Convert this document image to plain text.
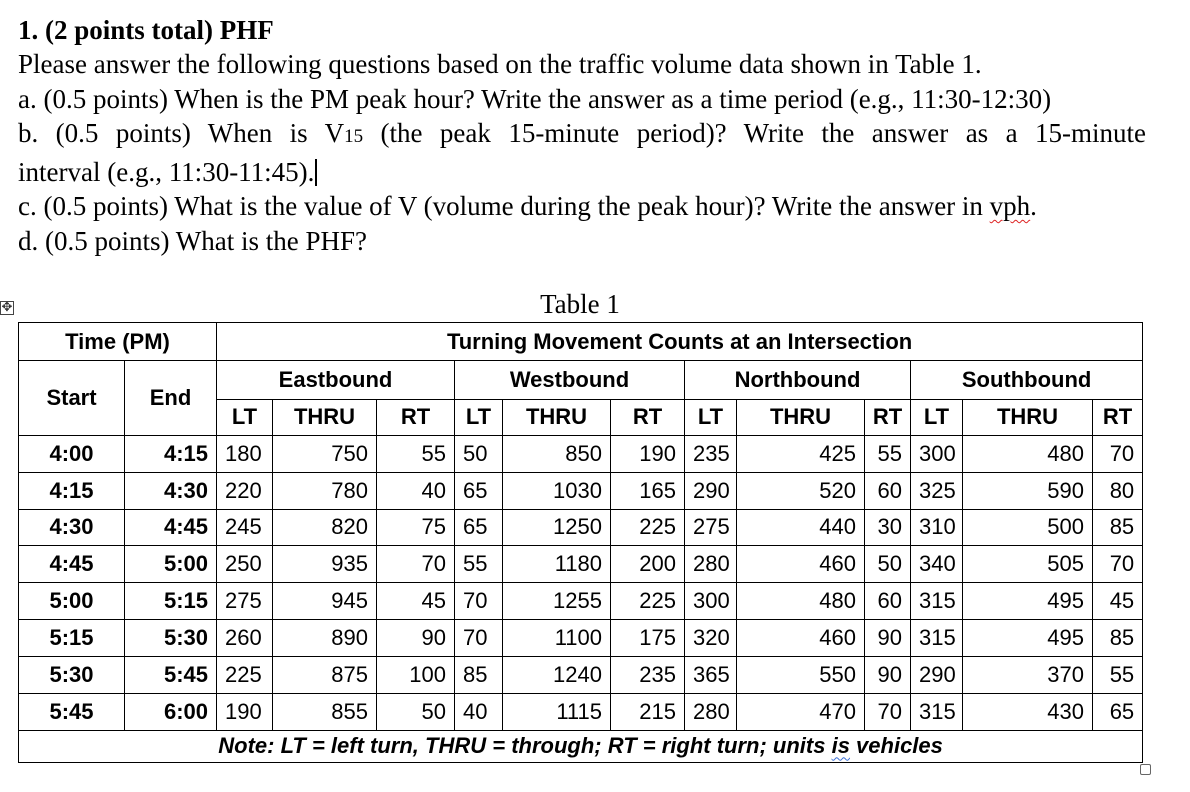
1. (2 points total) PHF

Please answer the following questions based on the traffic volume data shown in Table 1.

a. (0.5 points) When is the PM peak hour? Write the answer as a time period (e.g., 11:30-12:30)

b. (0.5 points) When is V15 (the peak 15-minute period)? Write the answer as a 15-minute

interval (e.g., 11:30-11:45).

c. (0.5 points) What is the value of V (volume during the peak hour)? Write the answer in vph.

d. (0.5 points) What is the PHF?

✥	Table 1
Time (PM)		Turning Movement Counts at an Intersection											
Start	End	Eastbound			Westbound			Northbound			Southbound		
		LT	THRU	RT	LT	THRU	RT	LT	THRU	RT	LT	THRU	RT
4:00	4:15	180	750	55	50	850	190	235	425	55	300	480	70
4:15	4:30	220	780	40	65	1030	165	290	520	60	325	590	80
4:30	4:45	245	820	75	65	1250	225	275	440	30	310	500	85
4:45	5:00	250	935	70	55	1180	200	280	460	50	340	505	70
5:00	5:15	275	945	45	70	1255	225	300	480	60	315	495	45
5:15	5:30	260	890	90	70	1100	175	320	460	90	315	495	85
5:30	5:45	225	875	100	85	1240	235	365	550	90	290	370	55
5:45	6:00	190	855	50	40	1115	215	280	470	70	315	430	65
Note: LT = left turn, THRU = through; RT = right turn; units is vehicles													
